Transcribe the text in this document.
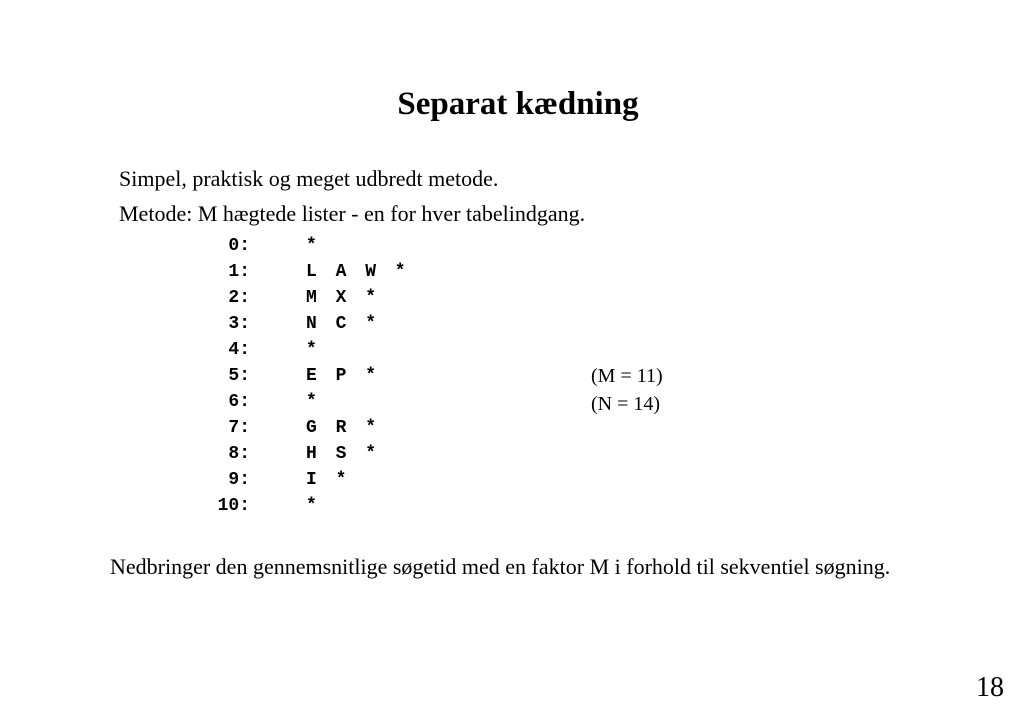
Separat kædning
Simpel, praktisk og meget udbredt metode.
Metode: M hægtede lister - en for hver tabelindgang.
0:	*
1:	L A W *
2:	M X *
3:	N C *
4:	*
5:	E P *
6:	*
7:	G R *
8:	H S *
9:	I *
10:	*
(M = 11)
(N = 14)
Nedbringer den gennemsnitlige søgetid med en faktor M i forhold til sekventiel søgning.
18
